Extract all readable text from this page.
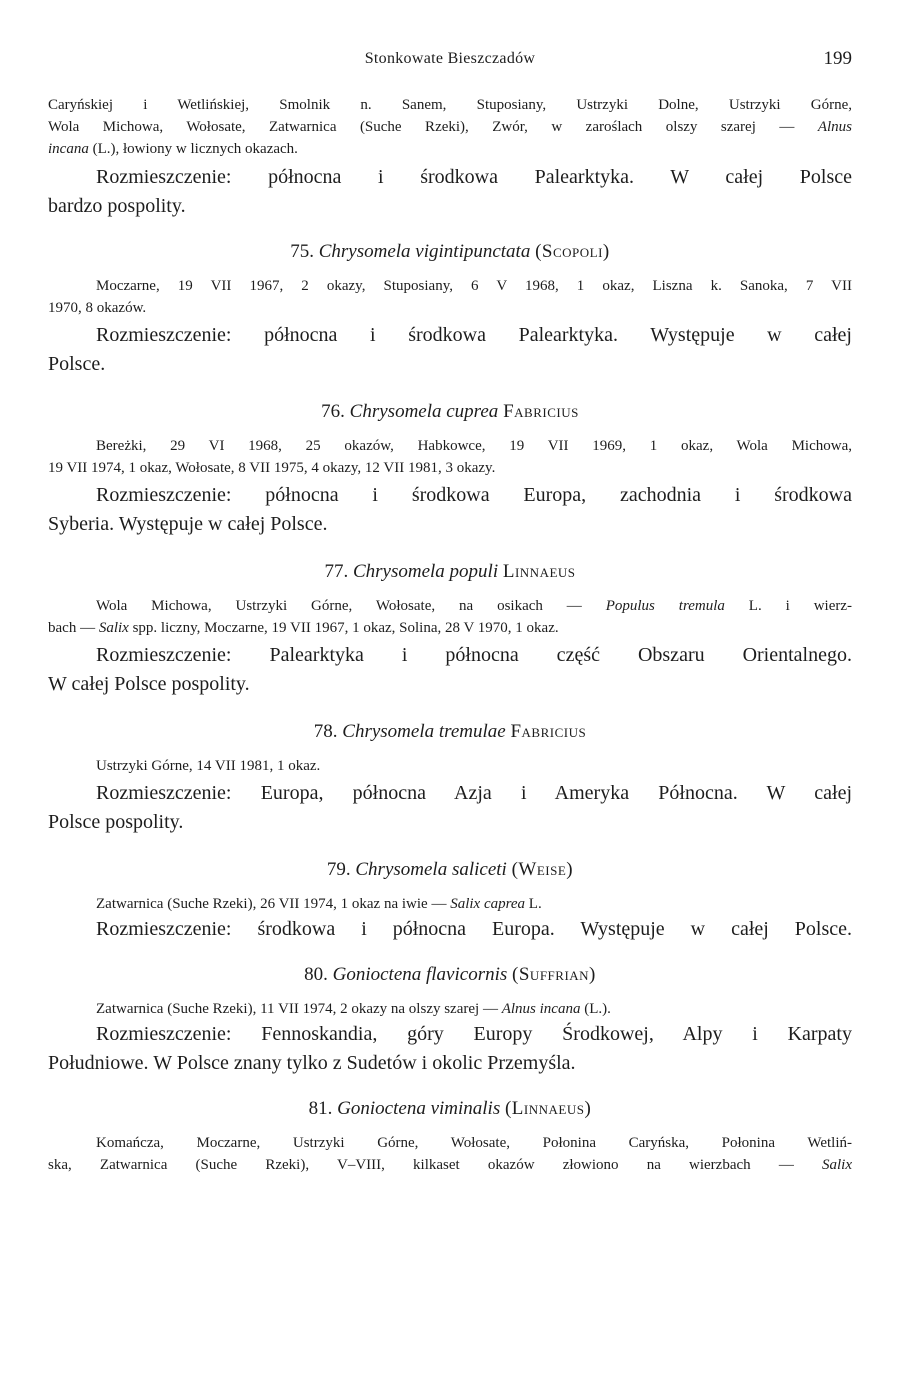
Stonkowate Bieszczadów	199
Caryńskiej i Wetlińskiej, Smolnik n. Sanem, Stuposiany, Ustrzyki Dolne, Ustrzyki Górne,
Wola Michowa, Wołosate, Zatwarnica (Suche Rzeki), Zwór, w zaroślach olszy szarej — Alnus
incana (L.), łowiony w licznych okazach.
Rozmieszczenie: północna i środkowa Palearktyka. W całej Polsce
bardzo pospolity.

75. Chrysomela vigintipunctata (Scopoli)

Moczarne, 19 VII 1967, 2 okazy, Stuposiany, 6 V 1968, 1 okaz, Liszna k. Sanoka, 7 VII
1970, 8 okazów.
Rozmieszczenie: północna i środkowa Palearktyka. Występuje w całej
Polsce.

76. Chrysomela cuprea Fabricius

Bereżki, 29 VI 1968, 25 okazów, Habkowce, 19 VII 1969, 1 okaz, Wola Michowa,
19 VII 1974, 1 okaz, Wołosate, 8 VII 1975, 4 okazy, 12 VII 1981, 3 okazy.
Rozmieszczenie: północna i środkowa Europa, zachodnia i środkowa
Syberia. Występuje w całej Polsce.

77. Chrysomela populi Linnaeus

Wola Michowa, Ustrzyki Górne, Wołosate, na osikach — Populus tremula L. i wierz-
bach — Salix spp. liczny, Moczarne, 19 VII 1967, 1 okaz, Solina, 28 V 1970, 1 okaz.
Rozmieszczenie: Palearktyka i północna część Obszaru Orientalnego.
W całej Polsce pospolity.

78. Chrysomela tremulae Fabricius

Ustrzyki Górne, 14 VII 1981, 1 okaz.
Rozmieszczenie: Europa, północna Azja i Ameryka Północna. W całej
Polsce pospolity.

79. Chrysomela saliceti (Weise)

Zatwarnica (Suche Rzeki), 26 VII 1974, 1 okaz na iwie — Salix caprea L.
Rozmieszczenie: środkowa i północna Europa. Występuje w całej Polsce.

80. Gonioctena flavicornis (Suffrian)

Zatwarnica (Suche Rzeki), 11 VII 1974, 2 okazy na olszy szarej — Alnus incana (L.).
Rozmieszczenie: Fennoskandia, góry Europy Środkowej, Alpy i Karpaty
Południowe. W Polsce znany tylko z Sudetów i okolic Przemyśla.

81. Gonioctena viminalis (Linnaeus)

Komańcza, Moczarne, Ustrzyki Górne, Wołosate, Połonina Caryńska, Połonina Wetliń-
ska, Zatwarnica (Suche Rzeki), V–VIII, kilkaset okazów złowiono na wierzbach — Salix
